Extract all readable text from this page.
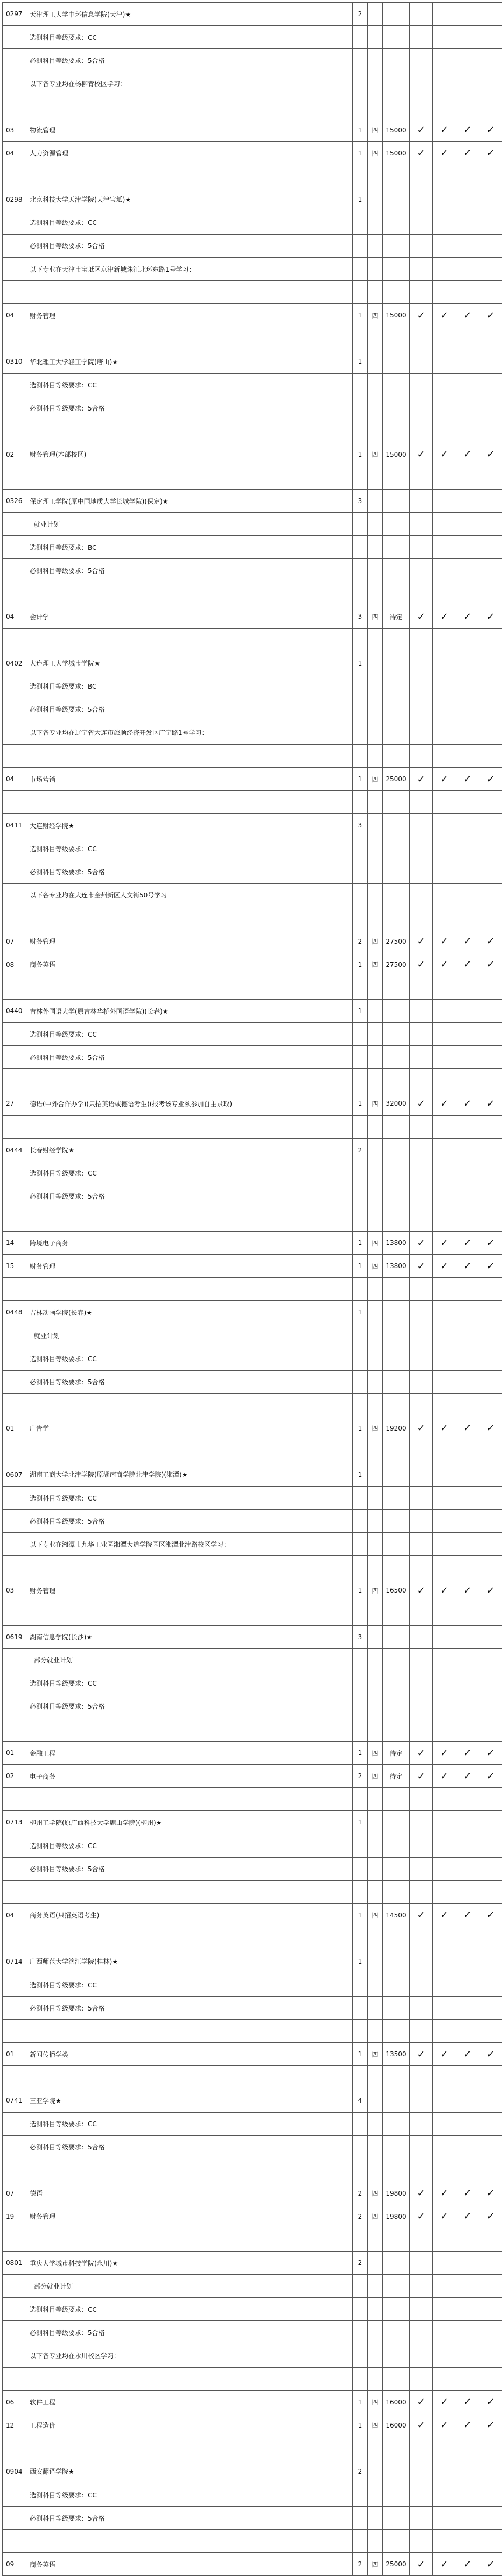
0297	天津理工大学中环信息学院(天津)★	2						
	选测科目等级要求：CC							
	必测科目等级要求：5合格							
	以下各专业均在杨柳青校区学习：							

03	物流管理	1	四	15000	✓	✓	✓	✓
04	人力资源管理	1	四	15000	✓	✓	✓	✓

0298	北京科技大学天津学院(天津宝坻)★	1						
	选测科目等级要求：CC							
	必测科目等级要求：5合格							
	以下专业在天津市宝坻区京津新城珠江北环东路1号学习：							

04	财务管理	1	四	15000	✓	✓	✓	✓

0310	华北理工大学轻工学院(唐山)★	1						
	选测科目等级要求：CC							
	必测科目等级要求：5合格							

02	财务管理(本部校区)	1	四	15000	✓	✓	✓	✓

0326	保定理工学院(原中国地质大学长城学院)(保定)★	3						
	就业计划							
	选测科目等级要求：BC							
	必测科目等级要求：5合格							

04	会计学	3	四	待定	✓	✓	✓	✓

0402	大连理工大学城市学院★	1						
	选测科目等级要求：BC							
	必测科目等级要求：5合格							
	以下各专业均在辽宁省大连市旅顺经济开发区广宁路1号学习：							

04	市场营销	1	四	25000	✓	✓	✓	✓

0411	大连财经学院★	3						
	选测科目等级要求：CC							
	必测科目等级要求：5合格							
	以下各专业均在大连市金州新区人文街50号学习							

07	财务管理	2	四	27500	✓	✓	✓	✓
08	商务英语	1	四	27500	✓	✓	✓	✓

0440	吉林外国语大学(原吉林华桥外国语学院)(长春)★	1						
	选测科目等级要求：CC							
	必测科目等级要求：5合格							

27	德语(中外合作办学)(只招英语或德语考生)(报考该专业须参加自主录取)	1	四	32000	✓	✓	✓	✓

0444	长春财经学院★	2						
	选测科目等级要求：CC							
	必测科目等级要求：5合格							

14	跨境电子商务	1	四	13800	✓	✓	✓	✓
15	财务管理	1	四	13800	✓	✓	✓	✓

0448	吉林动画学院(长春)★	1						
	就业计划							
	选测科目等级要求：CC							
	必测科目等级要求：5合格							

01	广告学	1	四	19200	✓	✓	✓	✓

0607	湖南工商大学北津学院(原湖南商学院北津学院)(湘潭)★	1						
	选测科目等级要求：CC							
	必测科目等级要求：5合格							
	以下专业在湘潭市九华工业园湘潭大道学院园区湘潭北津路校区学习：							

03	财务管理	1	四	16500	✓	✓	✓	✓

0619	湖南信息学院(长沙)★	3						
	部分就业计划							
	选测科目等级要求：CC							
	必测科目等级要求：5合格							

01	金融工程	1	四	待定	✓	✓	✓	✓
02	电子商务	2	四	待定	✓	✓	✓	✓

0713	柳州工学院(原广西科技大学鹿山学院)(柳州)★	1						
	选测科目等级要求：CC							
	必测科目等级要求：5合格							

04	商务英语(只招英语考生)	1	四	14500	✓	✓	✓	✓

0714	广西师范大学漓江学院(桂林)★	1						
	选测科目等级要求：CC							
	必测科目等级要求：5合格							

01	新闻传播学类	1	四	13500	✓	✓	✓	✓

0741	三亚学院★	4						
	选测科目等级要求：CC							
	必测科目等级要求：5合格							

07	德语	2	四	19800	✓	✓	✓	✓
19	财务管理	2	四	19800	✓	✓	✓	✓

0801	重庆大学城市科技学院(永川)★	2						
	部分就业计划							
	选测科目等级要求：CC							
	必测科目等级要求：5合格							
	以下各专业均在永川校区学习：							

06	软件工程	1	四	16000	✓	✓	✓	✓
12	工程造价	1	四	16000	✓	✓	✓	✓

0904	西安翻译学院★	2						
	选测科目等级要求：CC							
	必测科目等级要求：5合格							

09	商务英语	2	四	25000	✓	✓	✓	✓
